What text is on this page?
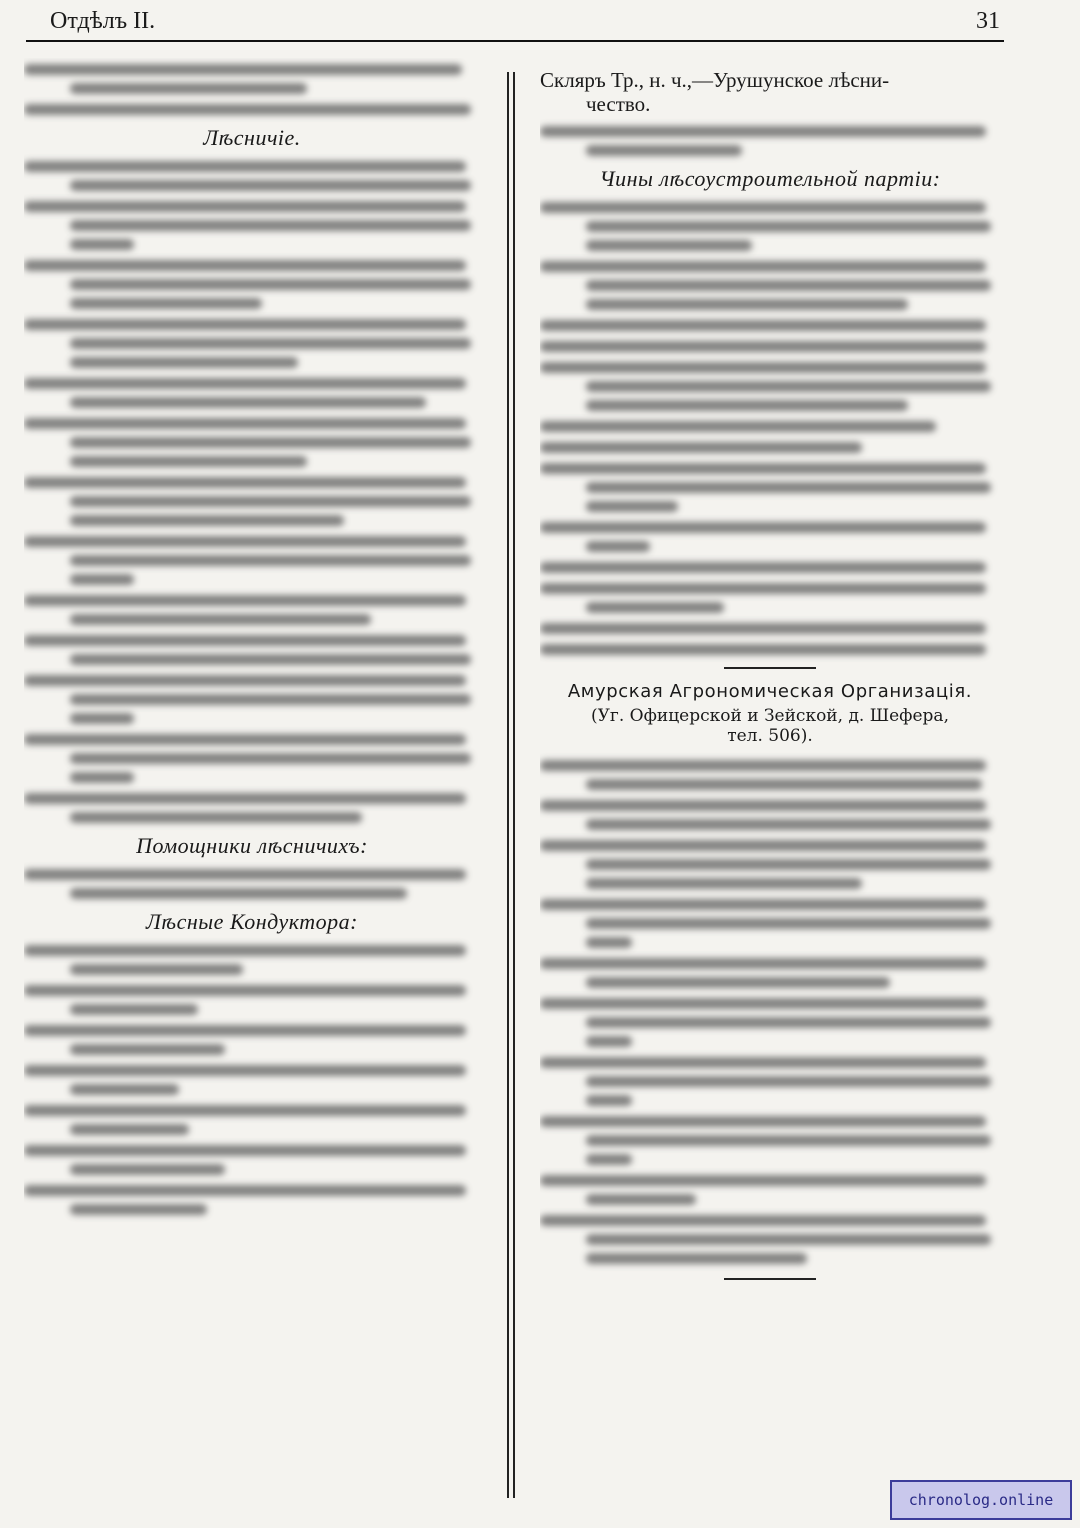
Отдѣлъ II.	31
Лѣсничіе.
Помощники лѣсничихъ:
Лѣсные Кондуктора:
Скляръ Тр., н. ч.,—Урушунское лѣсни-
чество.
Чины лѣсоустроительной партіи:
Амурская Агрономическая Организація.
(Уг. Офицерской и Зейской, д. Шефера,
тел. 506).
chronolog.online
